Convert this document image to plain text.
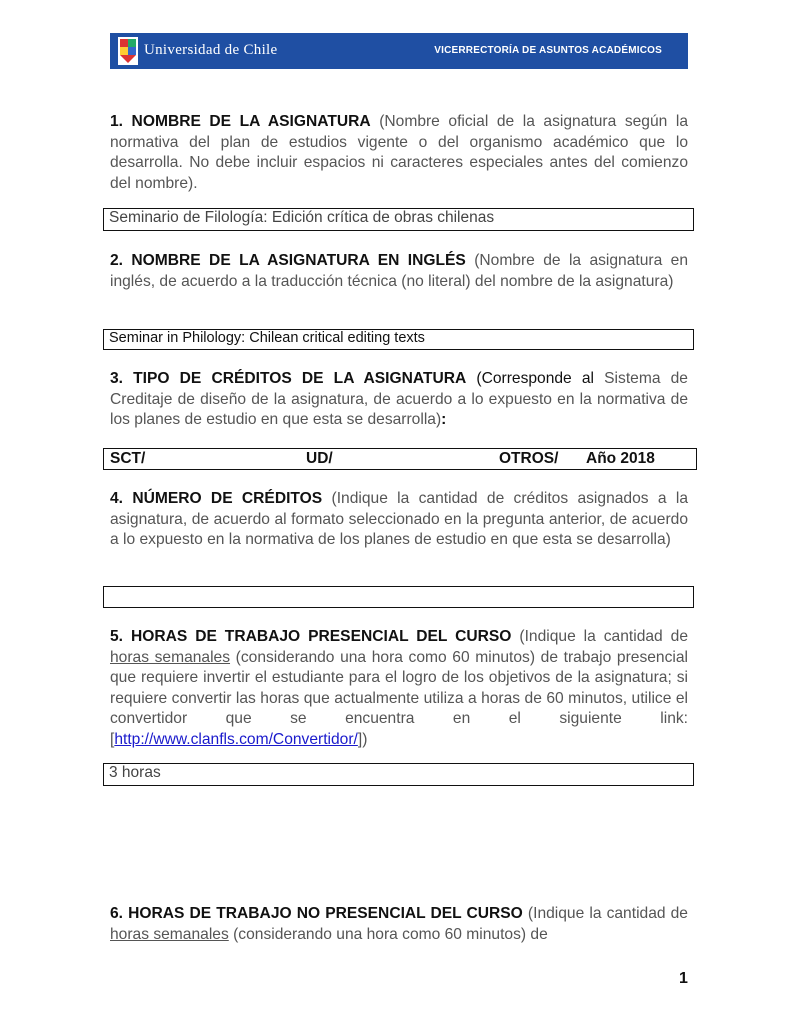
Universidad de Chile	VICERRECTORÍA DE ASUNTOS ACADÉMICOS
1. NOMBRE DE LA ASIGNATURA (Nombre oficial de la asignatura según la normativa del plan de estudios vigente o del organismo académico que lo desarrolla. No debe incluir espacios ni caracteres especiales antes del comienzo del nombre).
Seminario de Filología: Edición crítica de obras chilenas
2. NOMBRE DE LA ASIGNATURA EN INGLÉS (Nombre de la asignatura en inglés, de acuerdo a la traducción técnica (no literal) del nombre de la asignatura)
Seminar in Philology: Chilean critical editing texts
3. TIPO DE CRÉDITOS DE LA ASIGNATURA (Corresponde al Sistema de Creditaje de diseño de la asignatura, de acuerdo a lo expuesto en la normativa de los planes de estudio en que esta se desarrolla):
SCT/	UD/	OTROS/ Año 2018
4. NÚMERO DE CRÉDITOS (Indique la cantidad de créditos asignados a la asignatura, de acuerdo al formato seleccionado en la pregunta anterior, de acuerdo a lo expuesto en la normativa de los planes de estudio en que esta se desarrolla)
5. HORAS DE TRABAJO PRESENCIAL DEL CURSO (Indique la cantidad de horas semanales (considerando una hora como 60 minutos) de trabajo presencial que requiere invertir el estudiante para el logro de los objetivos de la asignatura; si requiere convertir las horas que actualmente utiliza a horas de 60 minutos, utilice el convertidor que se encuentra en el siguiente link: [http://www.clanfls.com/Convertidor/])
3 horas
6. HORAS DE TRABAJO NO PRESENCIAL DEL CURSO (Indique la cantidad de horas semanales (considerando una hora como 60 minutos) de
1
